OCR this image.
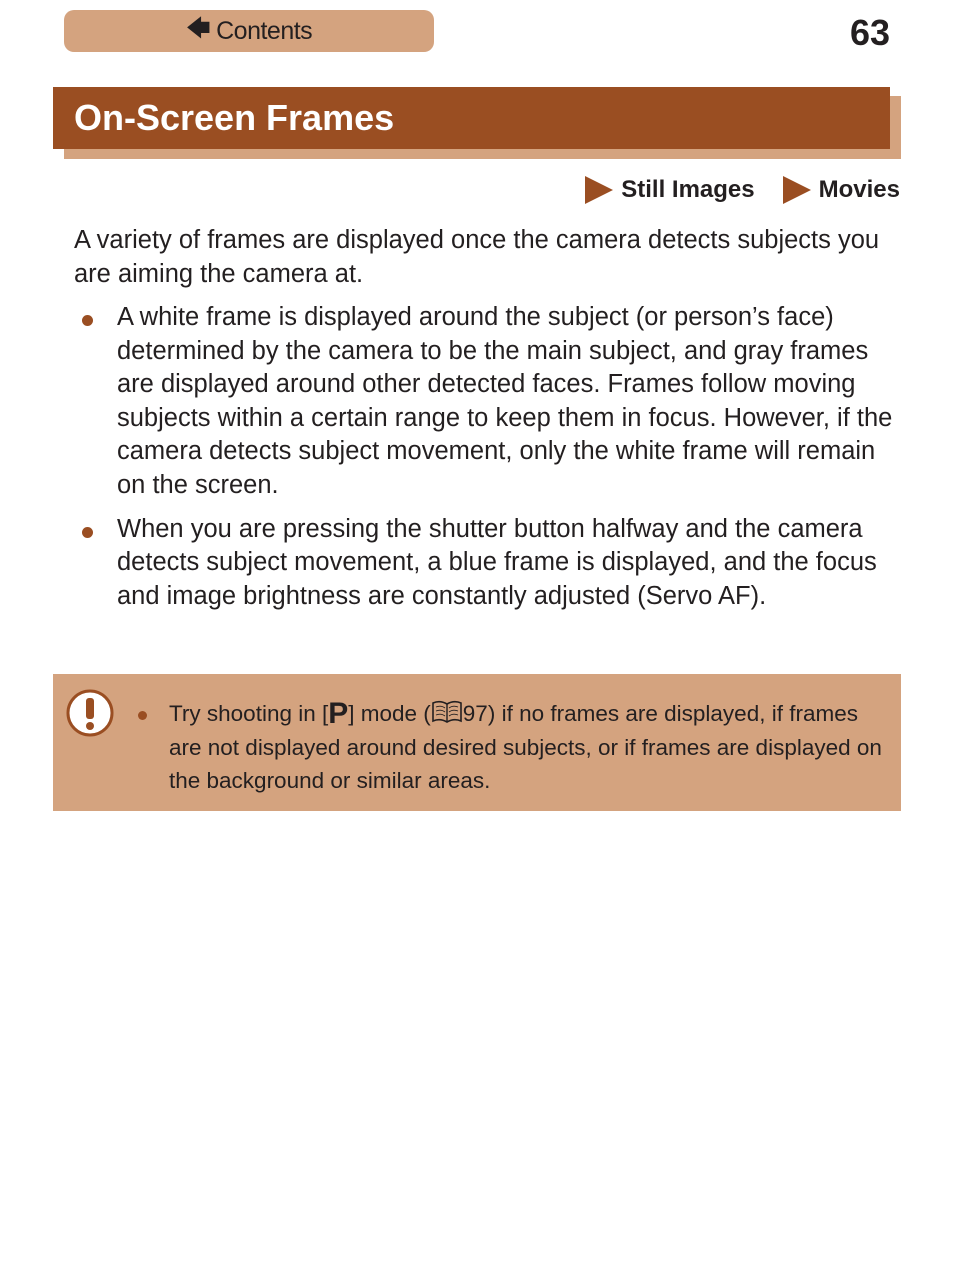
🡄 Contents	63
On-Screen Frames
Still Images	Movies
A variety of frames are displayed once the camera detects subjects you are aiming the camera at.
A white frame is displayed around the subject (or person’s face) determined by the camera to be the main subject, and gray frames are displayed around other detected faces. Frames follow moving subjects within a certain range to keep them in focus. However, if the camera detects subject movement, only the white frame will remain on the screen.
When you are pressing the shutter button halfway and the camera detects subject movement, a blue frame is displayed, and the focus and image brightness are constantly adjusted (Servo AF).
Try shooting in [P] mode ( 97) if no frames are displayed, if frames are not displayed around desired subjects, or if frames are displayed on the background or similar areas.
